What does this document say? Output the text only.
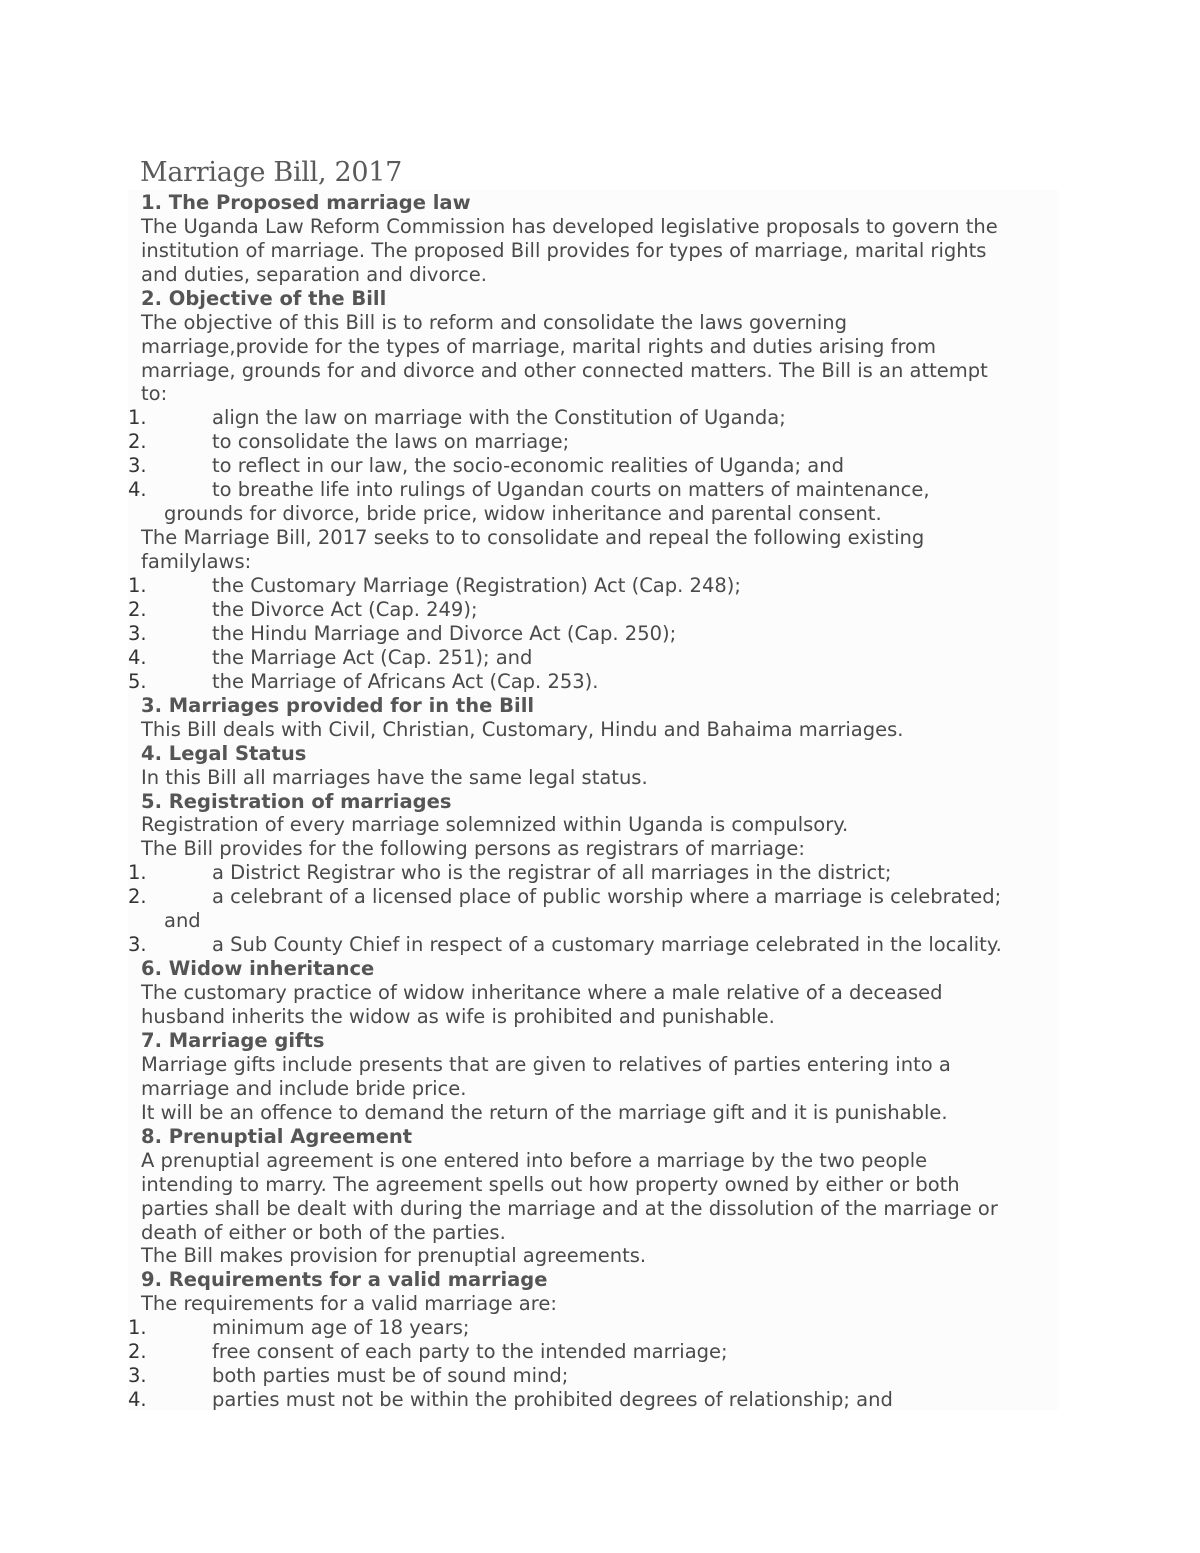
Marriage Bill, 2017
1. The Proposed marriage law
The Uganda Law Reform Commission has developed legislative proposals to govern the
institution of marriage. The proposed Bill provides for types of marriage, marital rights
and duties, separation and divorce.
2. Objective of the Bill
The objective of this Bill is to reform and consolidate the laws governing
marriage,provide for the types of marriage, marital rights and duties arising from
marriage, grounds for and divorce and other connected matters. The Bill is an attempt
to:
1.	align the law on marriage with the Constitution of Uganda;
2.	to consolidate the laws on marriage;
3.	to reflect in our law, the socio-economic realities of Uganda; and
4.	to breathe life into rulings of Ugandan courts on matters of maintenance,
grounds for divorce, bride price, widow inheritance and parental consent.
The Marriage Bill, 2017 seeks to to consolidate and repeal the following existing
familylaws:
1.	the Customary Marriage (Registration) Act (Cap. 248);
2.	the Divorce Act (Cap. 249);
3.	the Hindu Marriage and Divorce Act (Cap. 250);
4.	the Marriage Act (Cap. 251); and
5.	the Marriage of Africans Act (Cap. 253).
3. Marriages provided for in the Bill
This Bill deals with Civil, Christian, Customary, Hindu and Bahaima marriages.
4. Legal Status
In this Bill all marriages have the same legal status.
5. Registration of marriages
Registration of every marriage solemnized within Uganda is compulsory.
The Bill provides for the following persons as registrars of marriage:
1.	a District Registrar who is the registrar of all marriages in the district;
2.	a celebrant of a licensed place of public worship where a marriage is celebrated;
and
3.	a Sub County Chief in respect of a customary marriage celebrated in the locality.
6. Widow inheritance
The customary practice of widow inheritance where a male relative of a deceased
husband inherits the widow as wife is prohibited and punishable.
7. Marriage gifts
Marriage gifts include presents that are given to relatives of parties entering into a
marriage and include bride price.
It will be an offence to demand the return of the marriage gift and it is punishable.
8. Prenuptial Agreement
A prenuptial agreement is one entered into before a marriage by the two people
intending to marry. The agreement spells out how property owned by either or both
parties shall be dealt with during the marriage and at the dissolution of the marriage or
death of either or both of the parties.
The Bill makes provision for prenuptial agreements.
9. Requirements for a valid marriage
The requirements for a valid marriage are:
1.	minimum age of 18 years;
2.	free consent of each party to the intended marriage;
3.	both parties must be of sound mind;
4.	parties must not be within the prohibited degrees of relationship; and
